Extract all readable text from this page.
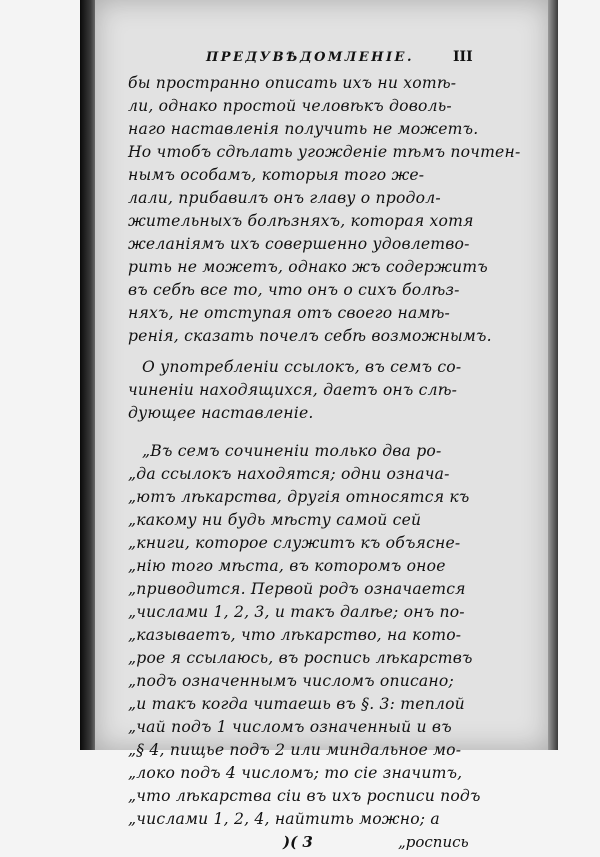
ПРЕДУВѢДОМЛЕНІЕ.	III
бы пространно описать ихъ ни хотѣ-
ли, однако простой человѣкъ доволь-
наго наставленія получить не можетъ.
Но чтобъ сдѣлать угожденіе тѣмъ почтен-
нымъ особамъ, которыя того же-
лали, прибавилъ онъ главу о продол-
жительныхъ болѣзняхъ, которая хотя
желаніямъ ихъ совершенно удовлетво-
рить не можетъ, однако жъ содержитъ
въ себѣ все то, что онъ о сихъ болѣз-
няхъ, не отступая отъ своего намѣ-
ренія, сказать почелъ себѣ возможнымъ.
О употребленіи ссылокъ, въ семъ со-
чиненіи находящихся, даетъ онъ слѣ-
дующее наставленіе.
„Въ семъ сочиненіи только два ро-
„да ссылокъ находятся; одни означа-
„ютъ лѣкарства, другія относятся къ
„какому ни будь мѣсту самой сей
„книги, которое служитъ къ объясне-
„нію того мѣста, въ которомъ оное
„приводится. Первой родъ означается
„числами 1, 2, 3, и такъ далѣе; онъ по-
„казываетъ, что лѣкарство, на кото-
„рое я ссылаюсь, въ роспись лѣкарствъ
„подъ означеннымъ числомъ описано;
„и такъ когда читаешь въ §. 3: теплой
„чай подъ 1 числомъ означенный и въ
„§ 4, пищье подъ 2 или миндальное мо-
„локо подъ 4 числомъ; то сіе значитъ,
„что лѣкарства сіи въ ихъ росписи подъ
„числами 1, 2, 4, найтить можно; а
)( 3	„роспись
